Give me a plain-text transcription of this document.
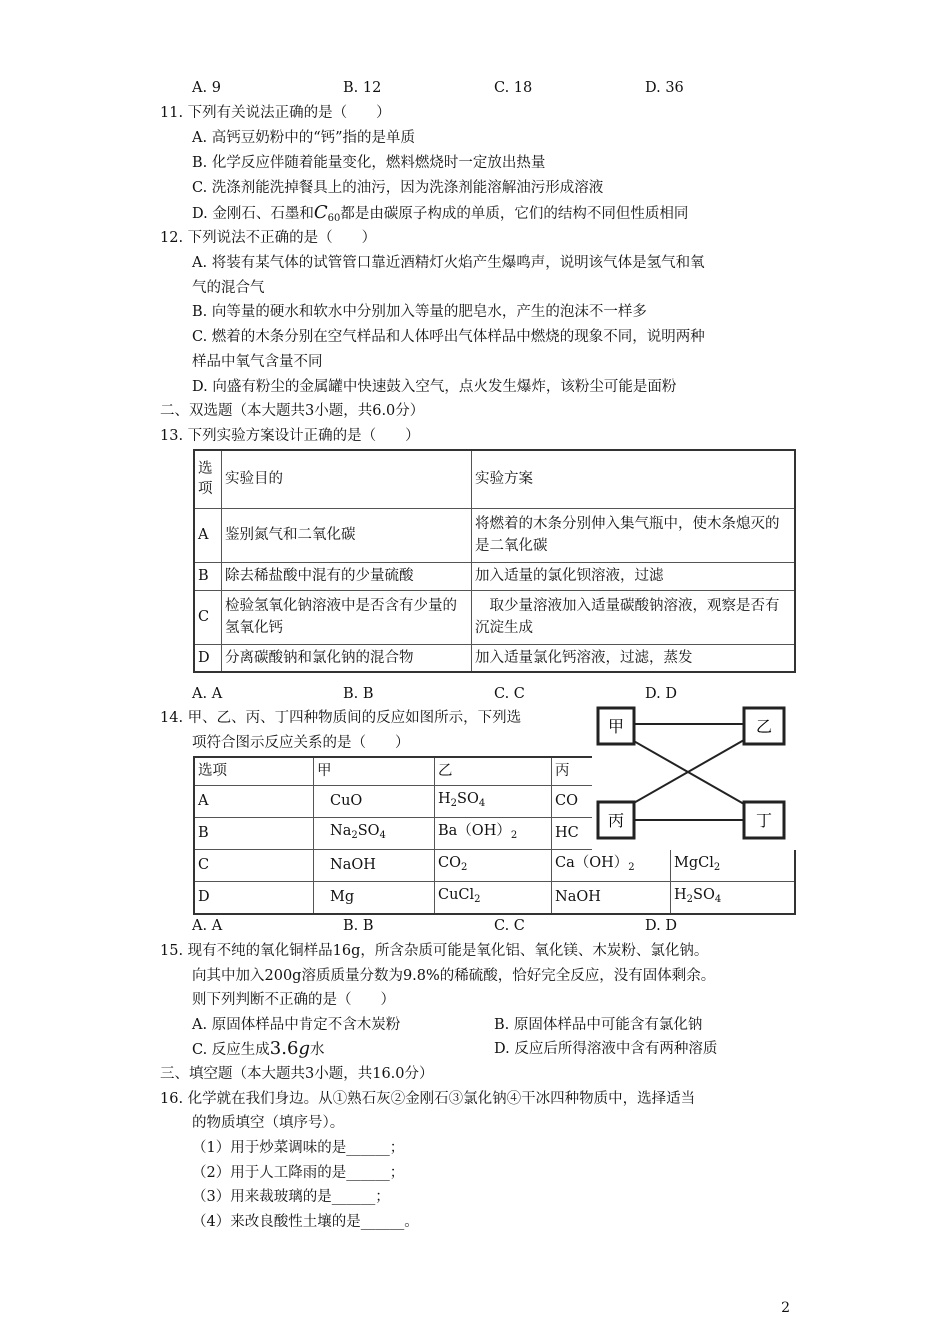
A. 9	B. 12	C. 18	D. 36
11. 下列有关说法正确的是（　　）
A. 高钙豆奶粉中的“钙”指的是单质
B. 化学反应伴随着能量变化，燃料燃烧时一定放出热量
C. 洗涤剂能洗掉餐具上的油污，因为洗涤剂能溶解油污形成溶液
D. 金刚石、石墨和$C_{60}$都是由碳原子构成的单质，它们的结构不同但性质相同
12. 下列说法不正确的是（　　）
A. 将装有某气体的试管管口靠近酒精灯火焰产生爆鸣声，说明该气体是氢气和氧
气的混合气
B. 向等量的硬水和软水中分别加入等量的肥皂水，产生的泡沫不一样多
C. 燃着的木条分别在空气样品和人体呼出气体样品中燃烧的现象不同，说明两种
样品中氧气含量不同
D. 向盛有粉尘的金属罐中快速鼓入空气，点火发生爆炸，该粉尘可能是面粉
二、双选题（本大题共3小题，共6.0分）
13. 下列实验方案设计正确的是（　　）
选项	实验目的	实验方案
A	鉴别氮气和二氧化碳	将燃着的木条分别伸入集气瓶中，使木条熄灭的是二氧化碳
B	除去稀盐酸中混有的少量硫酸	加入适量的氯化钡溶液，过滤
C	检验氢氧化钠溶液中是否含有少量的氢氧化钙	　取少量溶液加入适量碳酸钠溶液，观察是否有沉淀生成
D	分离碳酸钠和氯化钠的混合物	加入适量氯化钙溶液，过滤，蒸发
A. A	B. B	C. C	D. D
14. 甲、乙、丙、丁四种物质间的反应如图所示，下列选
项符合图示反应关系的是（　　）
选项	甲	乙	丙	
A	CuO	$H_2SO_4$	CO	
B	$Na_2SO_4$	$Ba(OH)_2$	HC	
C	NaOH	$CO_2$	$Ca(OH)_2$	MgCl$_2$
D	Mg	CuCl$_2$	NaOH	$H_2SO_4$
甲	乙
丙	丁
A. A	B. B	C. C	D. D
15. 现有不纯的氧化铜样品16g，所含杂质可能是氧化铝、氧化镁、木炭粉、氯化钠。
向其中加入200g溶质质量分数为9.8%的稀硫酸，恰好完全反应，没有固体剩余。
则下列判断不正确的是（　　）
A. 原固体样品中肯定不含木炭粉	B. 原固体样品中可能含有氯化钠
C. 反应生成3.6g水	D. 反应后所得溶液中含有两种溶质
三、填空题（本大题共3小题，共16.0分）
16. 化学就在我们身边。从①熟石灰②金刚石③氯化钠④干冰四种物质中，选择适当
的物质填空（填序号）。
（1）用于炒菜调味的是______；
（2）用于人工降雨的是______；
（3）用来裁玻璃的是______；
（4）来改良酸性土壤的是______。
2
